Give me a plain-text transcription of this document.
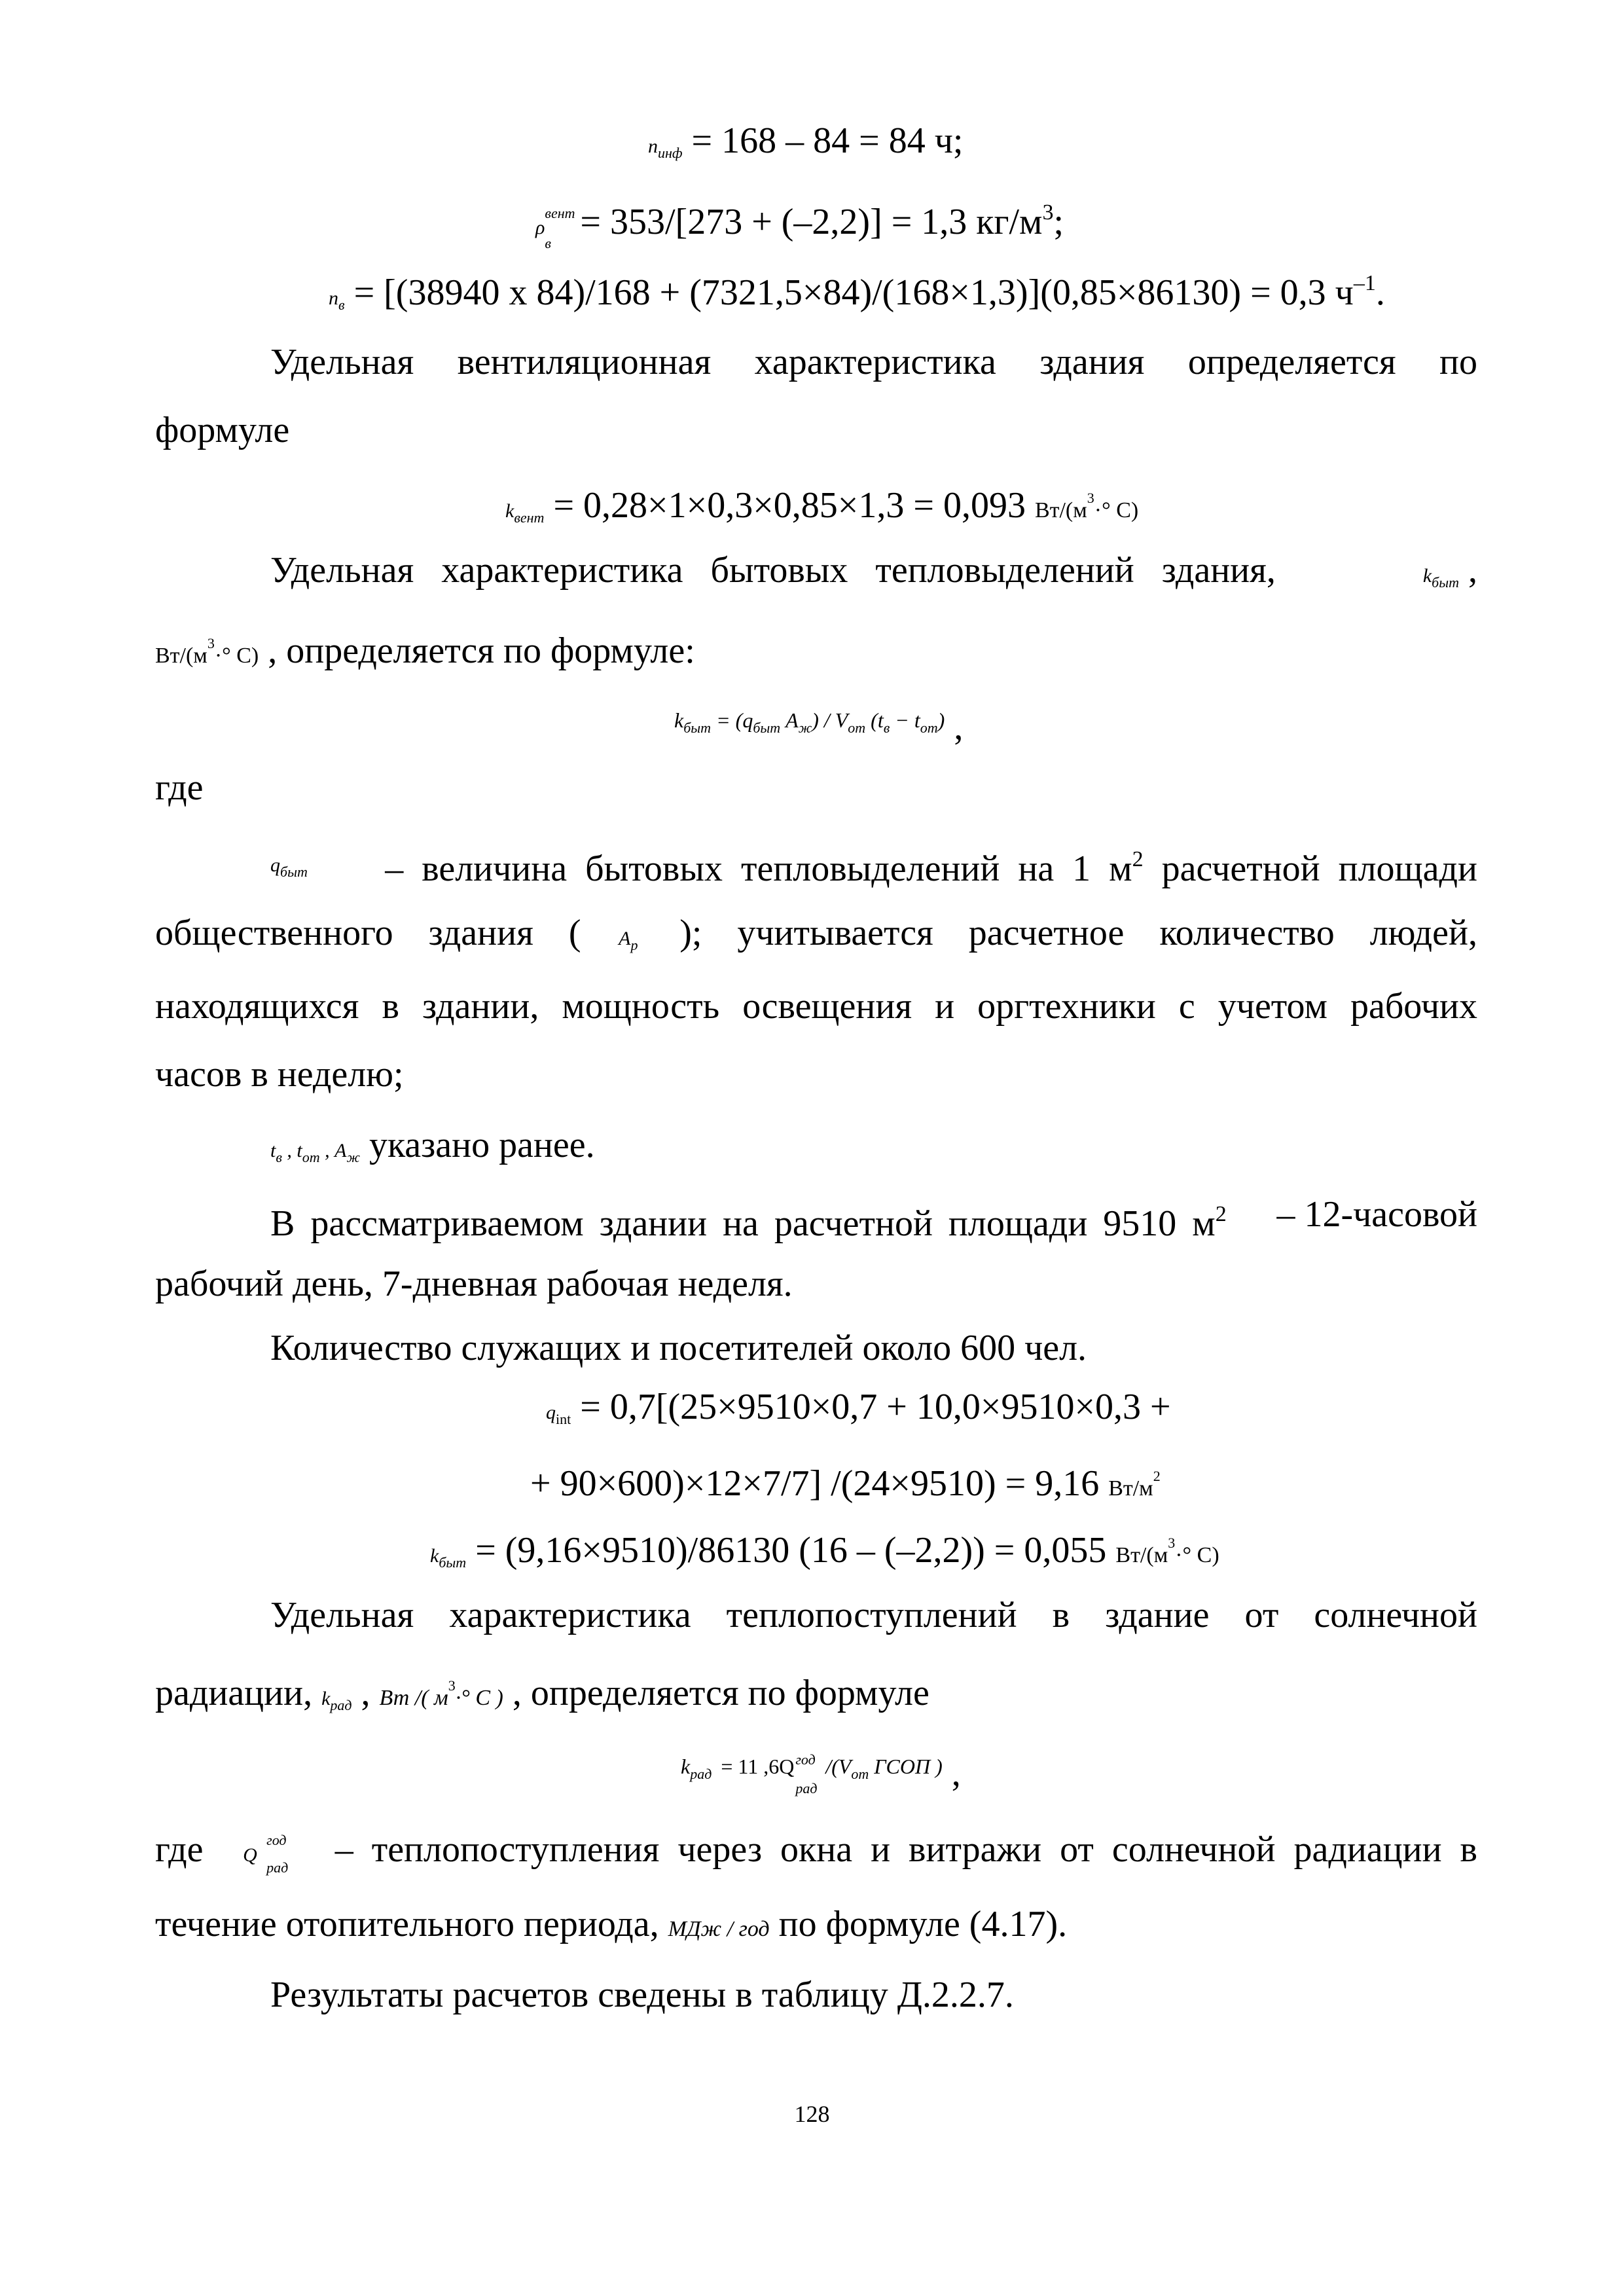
$n_{инф} = 168 - 84 = 84$ ч;
ρ
вент
в
= 353/[273 + (–2,2)] = 1,3 $кг/м^3$;
$n_в = [(38940$ х 84)/168 + (7321,5×84)/(168×1,3)](0,85×86130) = 0,3 $ч^{-1}$.
Удельная вентиляционная характеристика здания определяется по
формуле
$k_{вент} = 0,28\times 1\times 0,3\times 0,85\times 1,3 = 0,093$ $Вт/(м^3\cdot^\circ$ С)
Удельная характеристика бытовых тепловыделений здания,	$k_{быт}$ ,
$Вт/(м^3\cdot^\circ$ С) , определяется по формуле:
$k_{быт} = (q_{быт}$ $A_ж) / V_{от}$ $(t_в - t_{от})$ ,
где
$q_{быт}$ – величина бытовых тепловыделений на 1 $м^2$ расчетной площади
общественного здания ( $A_р$ ); учитывается расчетное количество людей,
находящихся в здании, мощность освещения и оргтехники с учетом рабочих
часов в неделю;
$t_в$ , $t_{от}$ , $A_ж$ указано ранее.
В рассматриваемом здании на расчетной площади 9510 $м^2$ – 12-часовой
рабочий день, 7-дневная рабочая неделя.
Количество служащих и посетителей около 600 чел.
$q_{int} = 0,7[(25\times 9510\times 0,7 + 10,0\times 9510\times 0,3$ +
+ 90×600)×12×7/7] /(24×9510) = 9,16 $Вт/м^2$
$k_{быт} = (9,16\times 9510)/86130$ (16 – (–2,2)) = 0,055 $Вт/(м^3\cdot^\circ$ С)
Удельная характеристика теплопоступлений в здание от солнечной
радиации, $k_{рад}$ , Вт /( $м^3\cdot^\circ$ С ) , определяется по формуле
$k_{рад} = 11$ ,6Q год
рад
$/(V_{от}$ ГСОП ) ,
где Q
год
рад – теплопоступления через окна и витражи от солнечной радиации в
течение отопительного периода, МДж / год по формуле (4.17).
Результаты расчетов сведены в таблицу Д.2.2.7.
128
